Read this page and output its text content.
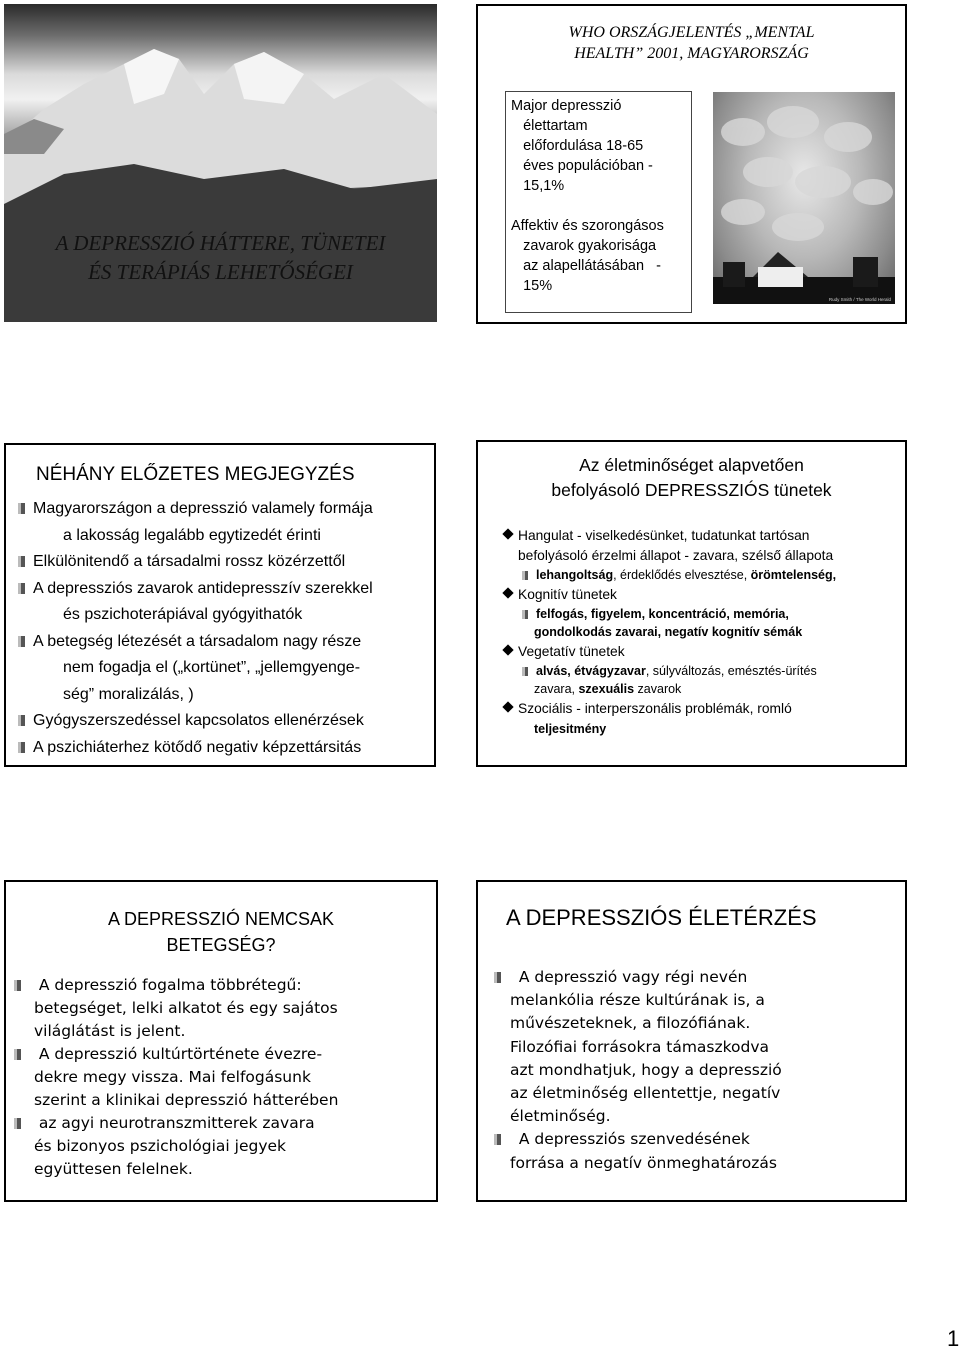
A DEPRESSZIÓ HÁTTERE, TÜNETEI
ÉS TERÁPIÁS LEHETŐSÉGEI
WHO ORSZÁGJELENTÉS „MENTAL
HEALTH” 2001, MAGYARORSZÁG

Major depresszió

élettartam

előfordulása 18-65

éves populációban -

15,1%

Affektiv és szorongásos

zavarok gyakorisága

az alapellátásában   -

15%

Rudy Smith / The World Herald
NÉHÁNY ELŐZETES MEGJEGYZÉS
Magyarországon a depresszió valamely formája
a lakosság legalább egytizedét érinti
Elkülönitendő a társadalmi rossz közérzettől
A depressziós zavarok antidepresszív szerekkel
és pszichoterápiával gyógyithatók
A betegség létezését a társadalom nagy része
nem fogadja el („kortünet”, „jellemgyenge-
ség” moralizálás, )
Gyógyszerszedéssel kapcsolatos ellenérzések
A pszichiáterhez kötődő negativ képzettársitás
Az életminőséget alapvetően
befolyásoló DEPRESSZIÓS tünetek
Hangulat - viselkedésünket, tudatunkat tartósan
befolyásoló érzelmi állapot - zavara, szélső állapota
lehangoltság, érdeklődés elvesztése, örömtelenség,
Kognitív tünetek
felfogás, figyelem, koncentráció, memória,
gondolkodás zavarai, negatív kognitív sémák
Vegetatív tünetek
alvás, étvágyzavar, súlyváltozás, emésztés-ürítés
zavara, szexuális zavarok
Szociális - interperszonális problémák, romló
teljesitmény
A DEPRESSZIÓ NEMCSAK
BETEGSÉG?
A depresszió fogalma többrétegű:
betegséget, lelki alkatot és egy sajátos
világlátást is jelent.
A depresszió kultúrtörténete évezre-
dekre megy vissza. Mai felfogásunk
szerint a klinikai depresszió hátterében
az agyi neurotranszmitterek zavara
és bizonyos pszichológiai jegyek
együttesen felelnek.
A DEPRESSZIÓS ÉLETÉRZÉS
A depresszió vagy régi nevén
melankólia része kultúrának is, a
művészeteknek, a filozófiának.
Filozófiai forrásokra támaszkodva
azt mondhatjuk, hogy a depresszió
az életminőség ellentettje, negatív
életminőség.
A depressziós szenvedésének
forrása a negatív önmeghatározás
1
